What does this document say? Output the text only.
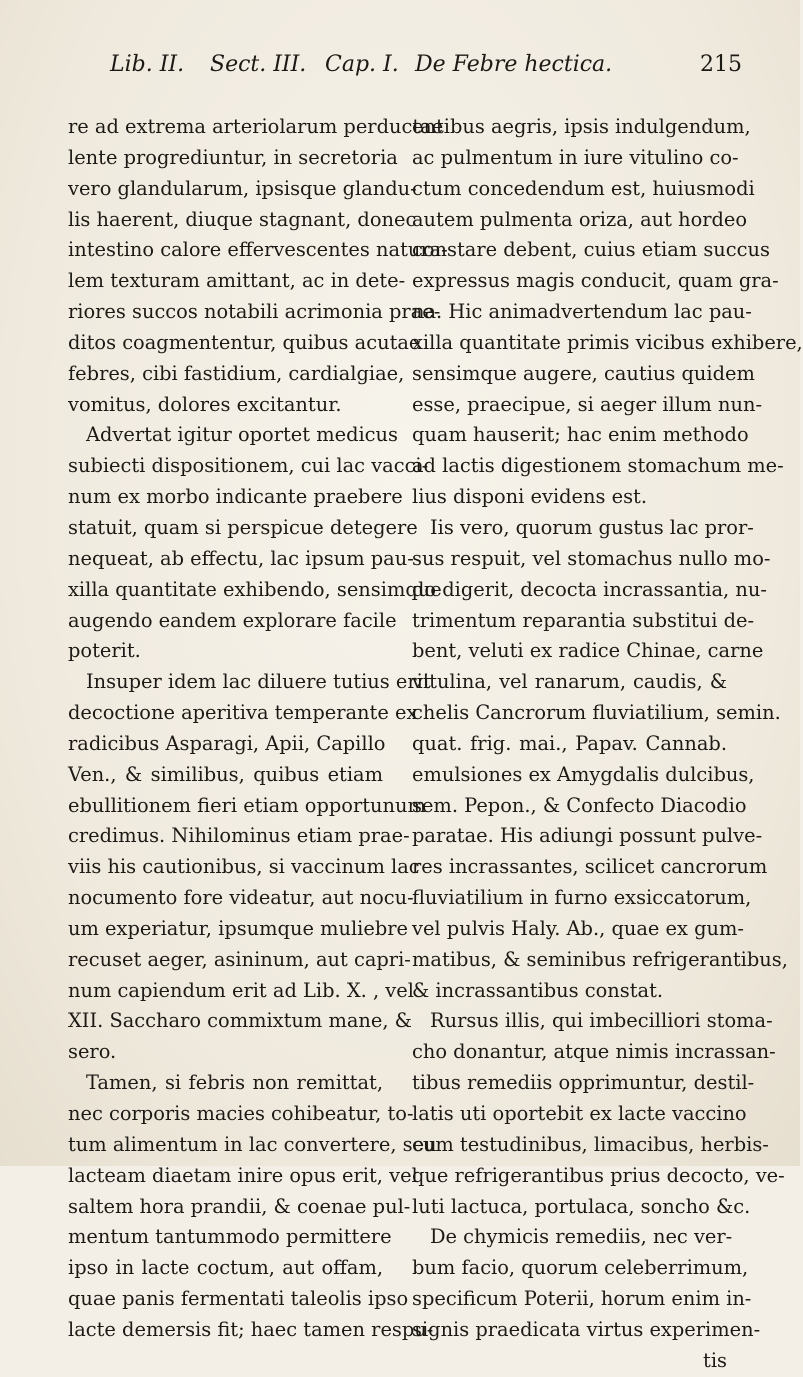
Lib. II. Sect. III. Cap. I. De Febre hectica.	215
re ad extrema arteriolarum perductae
lente progrediuntur, in secretoria
vero glandularum, ipsisque glandu-
lis haerent, diuque stagnant, donec
intestino calore effervescentes natura-
lem texturam amittant, ac in dete-
riores succos notabili acrimonia prae-
ditos coagmententur, quibus acutae
febres, cibi fastidium, cardialgiae,
vomitus, dolores excitantur.
Advertat igitur oportet medicus
subiecti dispositionem, cui lac vacci-
num ex morbo indicante praebere
statuit, quam si perspicue detegere
nequeat, ab effectu, lac ipsum pau-
xilla quantitate exhibendo, sensimque
augendo eandem explorare facile
poterit.
Insuper idem lac diluere tutius erit
decoctione aperitiva temperante ex
radicibus Asparagi, Apii, Capillo
Ven., & similibus, quibus etiam
ebullitionem fieri etiam opportunum
credimus. Nihilominus etiam prae-
viis his cautionibus, si vaccinum lac
nocumento fore videatur, aut nocu-
um experiatur, ipsumque muliebre
recuset aeger, asininum, aut capri-
num capiendum erit ad Lib. X. , vel
XII. Saccharo commixtum mane, &
sero.
Tamen, si febris non remittat,
nec corporis macies cohibeatur, to-
tum alimentum in lac convertere, seu
lacteam diaetam inire opus erit, vel
saltem hora prandii, & coenae pul-
mentum tantummodo permittere
ipso in lacte coctum, aut offam,
quae panis fermentati taleolis ipso
lacte demersis fit; haec tamen respu-
entibus aegris, ipsis indulgendum,
ac pulmentum in iure vitulino co-
ctum concedendum est, huiusmodi
autem pulmenta oriza, aut hordeo
constare debent, cuius etiam succus
expressus magis conducit, quam gra-
na. Hic animadvertendum lac pau-
xilla quantitate primis vicibus exhibere,
sensimque augere, cautius quidem
esse, praecipue, si aeger illum nun-
quam hauserit; hac enim methodo
ad lactis digestionem stomachum me-
lius disponi evidens est.
Iis vero, quorum gustus lac pror-
sus respuit, vel stomachus nullo mo-
do digerit, decocta incrassantia, nu-
trimentum reparantia substitui de-
bent, veluti ex radice Chinae, carne
vitulina, vel ranarum, caudis, &
chelis Cancrorum fluviatilium, semin.
quat. frig. mai., Papav. Cannab.
emulsiones ex Amygdalis dulcibus,
sem. Pepon., & Confecto Diacodio
paratae. His adiungi possunt pulve-
res incrassantes, scilicet cancrorum
fluviatilium in furno exsiccatorum,
vel pulvis Haly. Ab., quae ex gum-
matibus, & seminibus refrigerantibus,
& incrassantibus constat.
Rursus illis, qui imbecilliori stoma-
cho donantur, atque nimis incrassan-
tibus remediis opprimuntur, destil-
latis uti oportebit ex lacte vaccino
cum testudinibus, limacibus, herbis-
que refrigerantibus prius decocto, ve-
luti lactuca, portulaca, soncho &c.
De chymicis remediis, nec ver-
bum facio, quorum celeberrimum,
specificum Poterii, horum enim in-
signis praedicata virtus experimen-
tis
